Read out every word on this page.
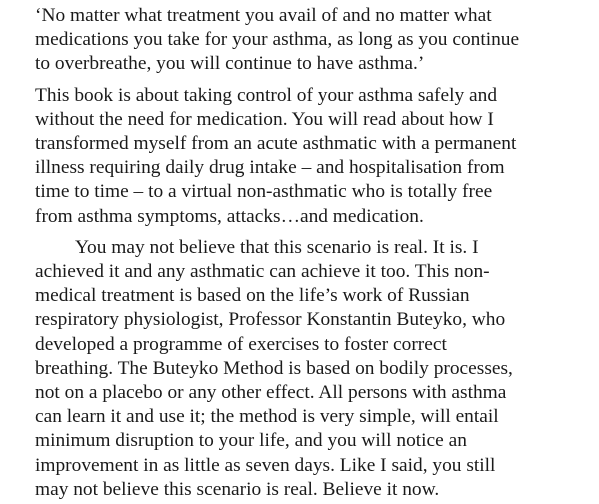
‘No matter what treatment you avail of and no matter what
medications you take for your asthma, as long as you continue
to overbreathe, you will continue to have asthma.’
This book is about taking control of your asthma safely and
without the need for medication. You will read about how I
transformed myself from an acute asthmatic with a permanent
illness requiring daily drug intake – and hospitalisation from
time to time – to a virtual non-asthmatic who is totally free
from asthma symptoms, attacks…and medication.
You may not believe that this scenario is real. It is. I
achieved it and any asthmatic can achieve it too. This non-
medical treatment is based on the life’s work of Russian
respiratory physiologist, Professor Konstantin Buteyko, who
developed a programme of exercises to foster correct
breathing. The Buteyko Method is based on bodily processes,
not on a placebo or any other effect. All persons with asthma
can learn it and use it; the method is very simple, will entail
minimum disruption to your life, and you will notice an
improvement in as little as seven days. Like I said, you still
may not believe this scenario is real. Believe it now.
